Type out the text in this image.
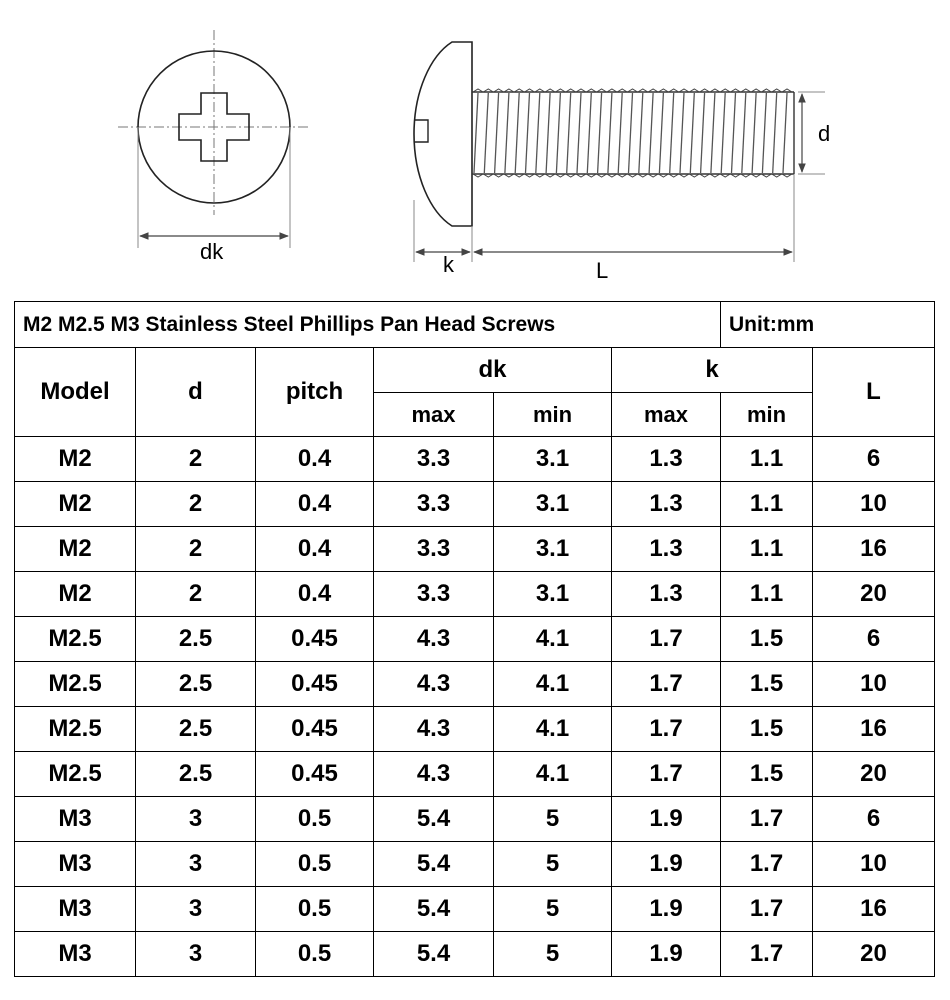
dk
d
k	L
M2 M2.5 M3 Stainless Steel Phillips Pan Head Screws						Unit:mm	
Model	d	pitch	dk		k		L
			max	min	max	min	
M2	2	0.4	3.3	3.1	1.3	1.1	6
M2	2	0.4	3.3	3.1	1.3	1.1	10
M2	2	0.4	3.3	3.1	1.3	1.1	16
M2	2	0.4	3.3	3.1	1.3	1.1	20
M2.5	2.5	0.45	4.3	4.1	1.7	1.5	6
M2.5	2.5	0.45	4.3	4.1	1.7	1.5	10
M2.5	2.5	0.45	4.3	4.1	1.7	1.5	16
M2.5	2.5	0.45	4.3	4.1	1.7	1.5	20
M3	3	0.5	5.4	5	1.9	1.7	6
M3	3	0.5	5.4	5	1.9	1.7	10
M3	3	0.5	5.4	5	1.9	1.7	16
M3	3	0.5	5.4	5	1.9	1.7	20
